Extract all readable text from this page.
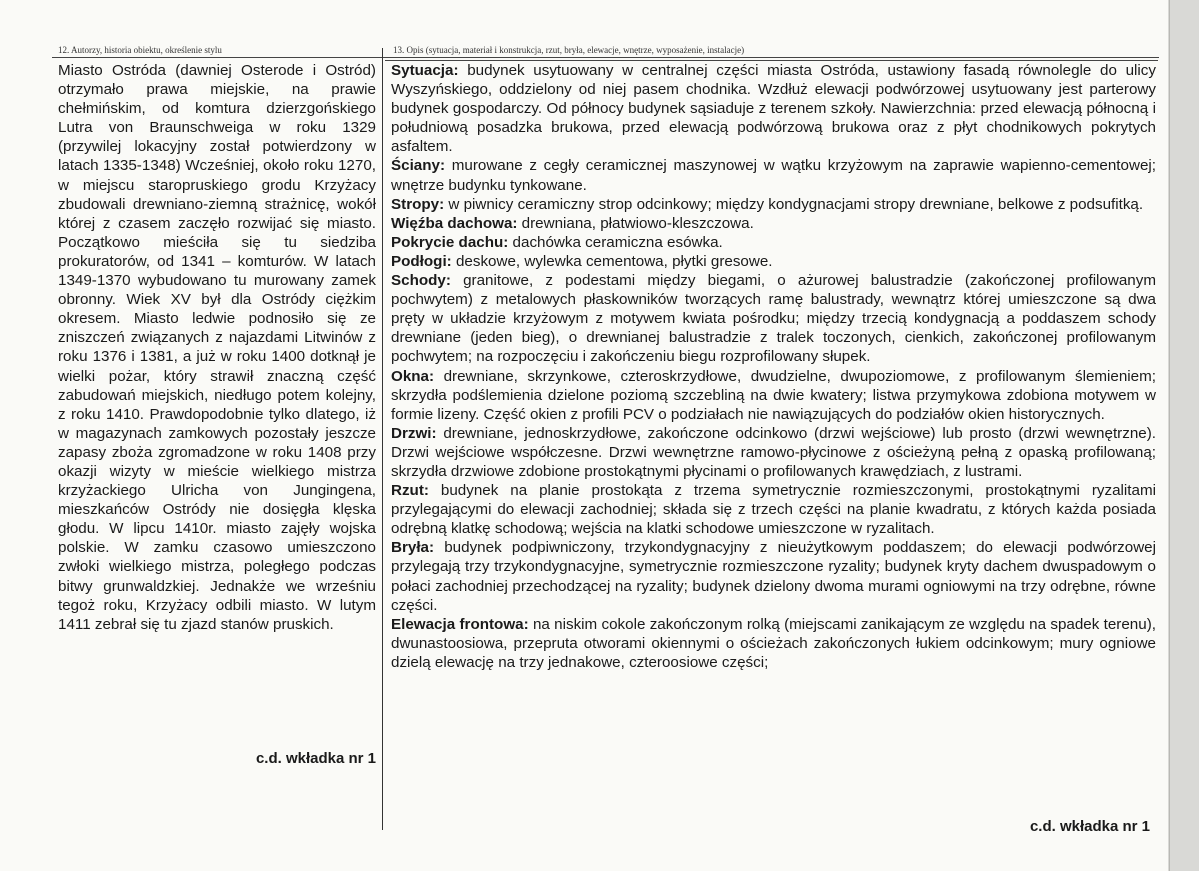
12. Autorzy, historia obiektu, określenie stylu	13. Opis (sytuacja, materiał i konstrukcja, rzut, bryła, elewacje, wnętrze, wyposażenie, instalacje)

Miasto Ostróda (dawniej Osterode i Ostród) otrzymało prawa miejskie, na prawie chełmińskim, od komtura dzierzgońskiego Lutra von Braunschweiga w roku 1329 (przywilej lokacyjny został potwierdzony w latach 1335-1348) Wcześniej, około roku 1270, w miejscu staropruskiego grodu Krzyżacy zbudowali drewniano-ziemną strażnicę, wokół której z czasem zaczęło rozwijać się miasto. Początkowo mieściła się tu siedziba prokuratorów, od 1341 – komturów. W latach 1349-1370 wybudowano tu murowany zamek obronny. Wiek XV był dla Ostródy ciężkim okresem. Miasto ledwie podnosiło się ze zniszczeń związanych z najazdami Litwinów z roku 1376 i 1381, a już w roku 1400 dotknął je wielki pożar, który strawił znaczną część zabudowań miejskich, niedługo potem kolejny, z roku 1410. Prawdopodobnie tylko dlatego, iż w magazynach zamkowych pozostały jeszcze zapasy zboża zgromadzone w roku 1408 przy okazji wizyty w mieście wielkiego mistrza krzyżackiego Ulricha von Jungingena, mieszkańców Ostródy nie dosięgła klęska głodu. W lipcu 1410r. miasto zajęły wojska polskie. W zamku czasowo umieszczono zwłoki wielkiego mistrza, poległego podczas bitwy grunwaldzkiej. Jednakże we wrześniu tegoż roku, Krzyżacy odbili miasto. W lutym 1411 zebrał się tu zjazd stanów pruskich.

c.d. wkładka nr 1

Sytuacja: budynek usytuowany w centralnej części miasta Ostróda, ustawiony fasadą równolegle do ulicy Wyszyńskiego, oddzielony od niej pasem chodnika. Wzdłuż elewacji podwórzowej usytuowany jest parterowy budynek gospodarczy. Od północy budynek sąsiaduje z terenem szkoły. Nawierzchnia: przed elewacją północną i południową posadzka brukowa, przed elewacją podwórzową brukowa oraz z płyt chodnikowych pokrytych asfaltem.

Ściany: murowane z cegły ceramicznej maszynowej w wątku krzyżowym na zaprawie wapienno-cementowej; wnętrze budynku tynkowane.

Stropy: w piwnicy ceramiczny strop odcinkowy; między kondygnacjami stropy drewniane, belkowe z podsufitką.

Więźba dachowa: drewniana, płatwiowo-kleszczowa.

Pokrycie dachu: dachówka ceramiczna esówka.

Podłogi: deskowe, wylewka cementowa, płytki gresowe.

Schody: granitowe, z podestami między biegami, o ażurowej balustradzie (zakończonej profilowanym pochwytem) z metalowych płaskowników tworzących ramę balustrady, wewnątrz której umieszczone są dwa pręty w układzie krzyżowym z motywem kwiata pośrodku; między trzecią kondygnacją a poddaszem schody drewniane (jeden bieg), o drewnianej balustradzie z tralek toczonych, cienkich, zakończonej profilowanym pochwytem; na rozpoczęciu i zakończeniu biegu rozprofilowany słupek.

Okna: drewniane, skrzynkowe, czteroskrzydłowe, dwudzielne, dwupoziomowe, z profilowanym ślemieniem; skrzydła podślemienia dzielone poziomą szczebliną na dwie kwatery; listwa przymykowa zdobiona motywem w formie lizeny. Część okien z profili PCV o podziałach nie nawiązujących do podziałów okien historycznych.

Drzwi: drewniane, jednoskrzydłowe, zakończone odcinkowo (drzwi wejściowe) lub prosto (drzwi wewnętrzne). Drzwi wejściowe współczesne. Drzwi wewnętrzne ramowo-płycinowe z ościeżyną pełną z opaską profilowaną; skrzydła drzwiowe zdobione prostokątnymi płycinami o profilowanych krawędziach, z lustrami.

Rzut: budynek na planie prostokąta z trzema symetrycznie rozmieszczonymi, prostokątnymi ryzalitami przylegającymi do elewacji zachodniej; składa się z trzech części na planie kwadratu, z których każda posiada odrębną klatkę schodową; wejścia na klatki schodowe umieszczone w ryzalitach.

Bryła: budynek podpiwniczony, trzykondygnacyjny z nieużytkowym poddaszem; do elewacji podwórzowej przylegają trzy trzykondygnacyjne, symetrycznie rozmieszczone ryzality; budynek kryty dachem dwuspadowym o połaci zachodniej przechodzącej na ryzality; budynek dzielony dwoma murami ogniowymi na trzy odrębne, równe części.

Elewacja frontowa: na niskim cokole zakończonym rolką (miejscami zanikającym ze względu na spadek terenu), dwunastoosiowa, przepruta otworami okiennymi o ościeżach zakończonych łukiem odcinkowym; mury ogniowe dzielą elewację na trzy jednakowe, czteroosiowe części;

c.d. wkładka nr 1
